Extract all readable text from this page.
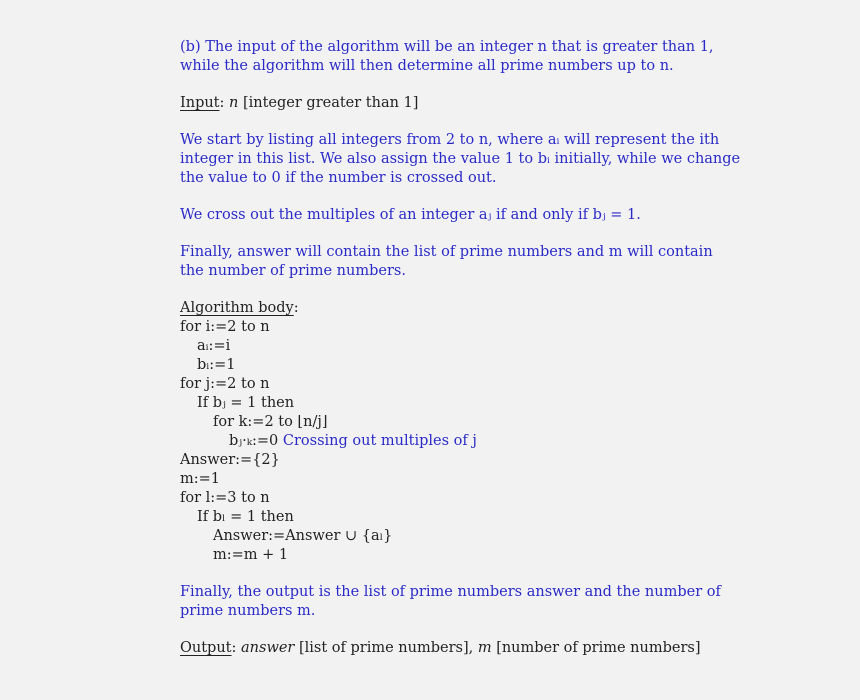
(b) The input of the algorithm will be an integer n that is greater than 1,
while the algorithm will then determine all prime numbers up to n.
Input: n [integer greater than 1]
We start by listing all integers from 2 to n, where aᵢ will represent the ith
integer in this list. We also assign the value 1 to bᵢ initially, while we change
the value to 0 if the number is crossed out.
We cross out the multiples of an integer aⱼ if and only if bⱼ = 1.
Finally, answer will contain the list of prime numbers and m will contain
the number of prime numbers.
Algorithm body:
for i:=2 to n
aᵢ:=i
bᵢ:=1
for j:=2 to n
If bⱼ = 1 then
for k:=2 to ⌊n/j⌋
bⱼ·ₖ:=0 Crossing out multiples of j
Answer:={2}
m:=1
for l:=3 to n
If bₗ = 1 then
Answer:=Answer ∪ {aₗ}
m:=m + 1
Finally, the output is the list of prime numbers answer and the number of
prime numbers m.
Output: answer [list of prime numbers], m [number of prime numbers]
